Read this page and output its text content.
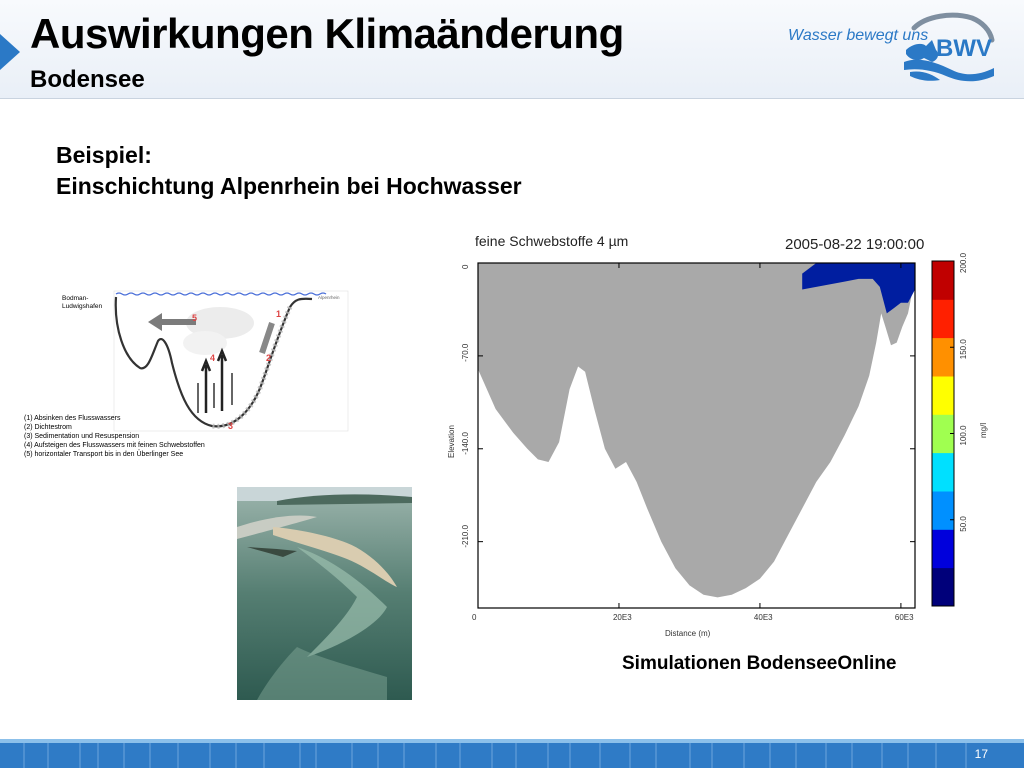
Auswirkungen Klimaänderung
Bodensee
Wasser bewegt uns BWV
Beispiel:
Einschichtung Alpenrhein bei Hochwasser
Bodman-
Ludwigshafen
Alpenrhein
5	1
2
3
4
(1) Absinken des Flusswassers
(2) Dichtestrom
(3) Sedimentation und Resuspension
(4) Aufsteigen des Flusswassers mit feinen Schwebstoffen
(5) horizontaler Transport bis in den Überlinger See
feine Schwebstoffe 4 µm	2005-08-22 19:00:00
0	20E3	40E3	60E3
0
-70.0
-140.0
-210.0
Distance (m)
Elevation
200.0
150.0
100.0
50.0
mg/l
Simulationen BodenseeOnline
17
